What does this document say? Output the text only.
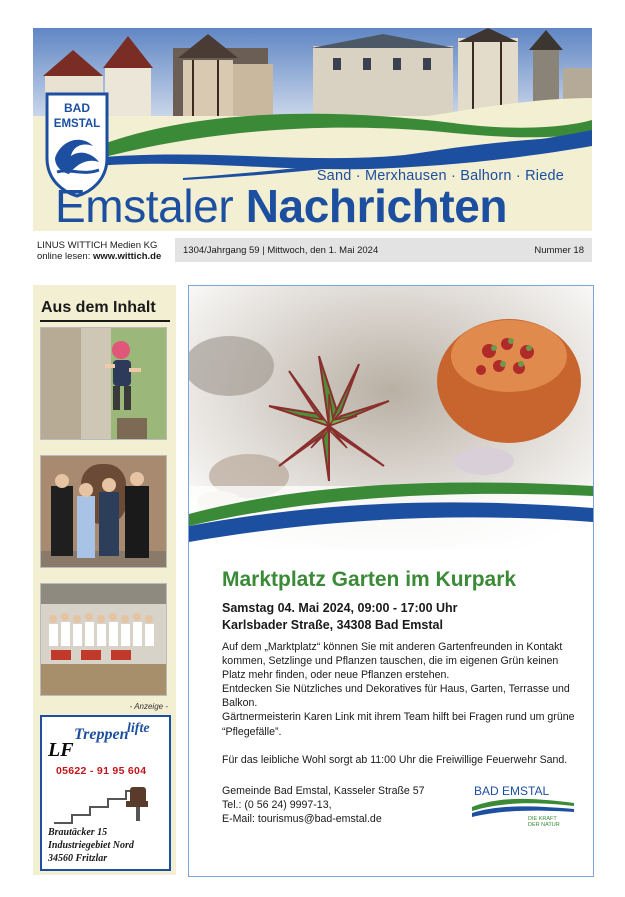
BAD
EMSTAL
Sand · Merxhausen · Balhorn · Riede
Emstaler Nachrichten
LINUS WITTICH Medien KG
online lesen: www.wittich.de
1304/Jahrgang 59 | Mittwoch, den 1. Mai 2024	Nummer 18
Aus dem Inhalt
- Anzeige -
lifte
Treppen
LF
05622 - 91 95 604
Brautäcker 15
Industriegebiet Nord
34560 Fritzlar
Marktplatz Garten im Kurpark
Samstag 04. Mai 2024, 09:00 - 17:00 Uhr
Karlsbader Straße, 34308 Bad Emstal

Auf dem „Marktplatz“ können Sie mit anderen Gartenfreunden in Kontakt

kommen, Setzlinge und Pflanzen tauschen, die im eigenen Grün keinen

Platz mehr finden, oder neue Pflanzen erstehen.

Entdecken Sie Nützliches und Dekoratives für Haus, Garten, Terrasse und

Balkon.

Gärtnermeisterin Karen Link mit ihrem Team hilft bei Fragen rund um grüne

“Pflegefälle”.

Für das leibliche Wohl sorgt ab 11:00 Uhr die Freiwillige Feuerwehr Sand.

Gemeinde Bad Emstal, Kasseler Straße 57
Tel.: (0 56 24) 9997-13,
E-Mail: tourismus@bad-emstal.de
BAD EMSTAL
DIE KRAFT
DER NATUR
